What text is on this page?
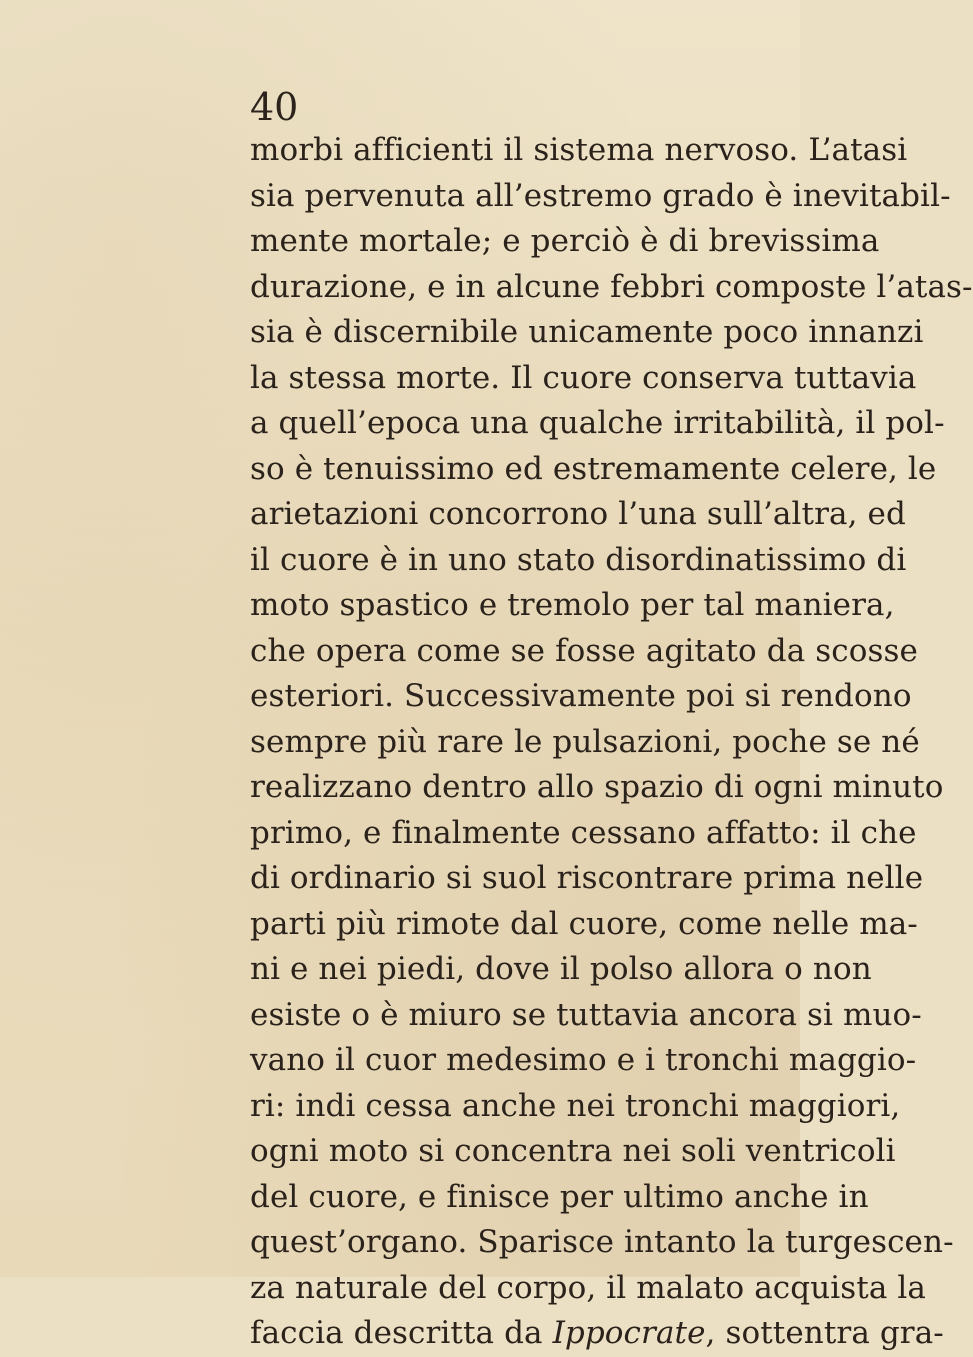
40
morbi afficienti il sistema nervoso. L’atasi
sia pervenuta all’estremo grado è inevitabil-
mente mortale; e perciò è di brevissima
durazione, e in alcune febbri composte l’atas-
sia è discernibile unicamente poco innanzi
la stessa morte. Il cuore conserva tuttavia
a quell’epoca una qualche irritabilità, il pol-
so è tenuissimo ed estremamente celere, le
arietazioni concorrono l’una sull’altra, ed
il cuore è in uno stato disordinatissimo di
moto spastico e tremolo per tal maniera,
che opera come se fosse agitato da scosse
esteriori. Successivamente poi si rendono
sempre più rare le pulsazioni, poche se né
realizzano dentro allo spazio di ogni minuto
primo, e finalmente cessano affatto: il che
di ordinario si suol riscontrare prima nelle
parti più rimote dal cuore, come nelle ma-
ni e nei piedi, dove il polso allora o non
esiste o è miuro se tuttavia ancora si muo-
vano il cuor medesimo e i tronchi maggio-
ri: indi cessa anche nei tronchi maggiori,
ogni moto si concentra nei soli ventricoli
del cuore, e finisce per ultimo anche in
quest’organo. Sparisce intanto la turgescen-
za naturale del corpo, il malato acquista la
faccia descritta da Ippocrate, sottentra gra-
